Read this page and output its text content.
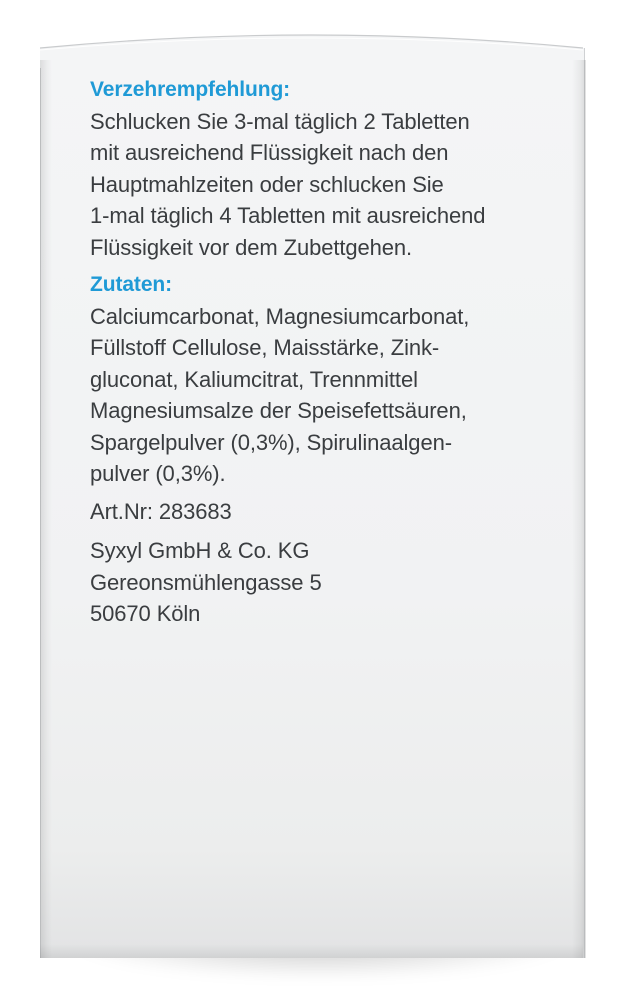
Verzehrempfehlung:
Schlucken Sie 3-mal täglich 2 Tabletten
mit ausreichend Flüssigkeit nach den
Hauptmahlzeiten oder schlucken Sie
1-mal täglich 4 Tabletten mit ausreichend
Flüssigkeit vor dem Zubettgehen.
Zutaten:
Calciumcarbonat, Magnesiumcarbonat,
Füllstoff Cellulose, Maisstärke, Zink-
gluconat, Kaliumcitrat, Trennmittel
Magnesiumsalze der Speisefettsäuren,
Spargelpulver (0,3%), Spirulinaalgen-
pulver (0,3%).
Art.Nr: 283683
Syxyl GmbH & Co. KG
Gereonsmühlengasse 5
50670 Köln
